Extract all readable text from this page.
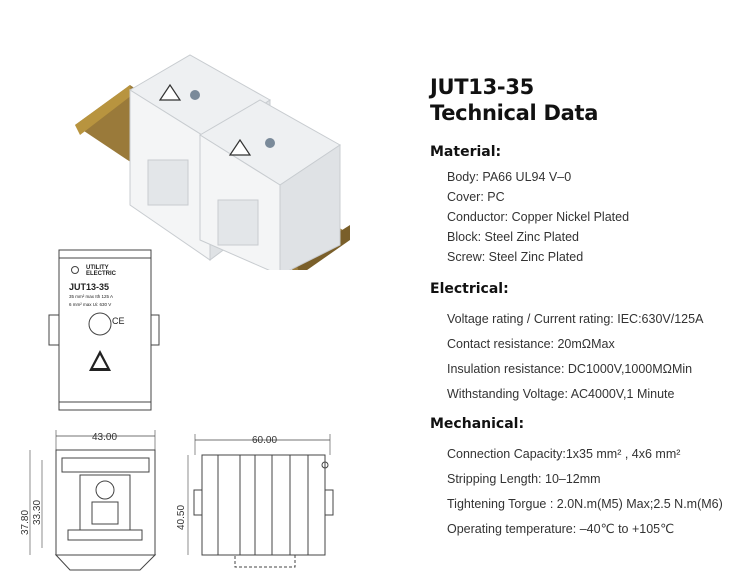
UTILITY
ELECTRIC
JUT13-35
35 mm² max Ith 125 A
6 mm² max Ui: 630 V
CE
43.00
37.80 33.30
60.00
40.50
JUT13-35
Technical Data
Material:
Body: PA66 UL94 V–0
Cover: PC
Conductor: Copper Nickel Plated
Block: Steel Zinc Plated
Screw: Steel Zinc Plated
Electrical:
Voltage rating / Current rating: IEC:630V/125A
Contact resistance: 20mΩMax
Insulation resistance: DC1000V,1000MΩMin
Withstanding Voltage: AC4000V,1 Minute
Mechanical:
Connection Capacity:1x35 mm² , 4x6 mm²
Stripping Length: 10–12mm
Tightening Torgue : 2.0N.m(M5) Max;2.5 N.m(M6)
Operating temperature: –40℃ to +105℃
